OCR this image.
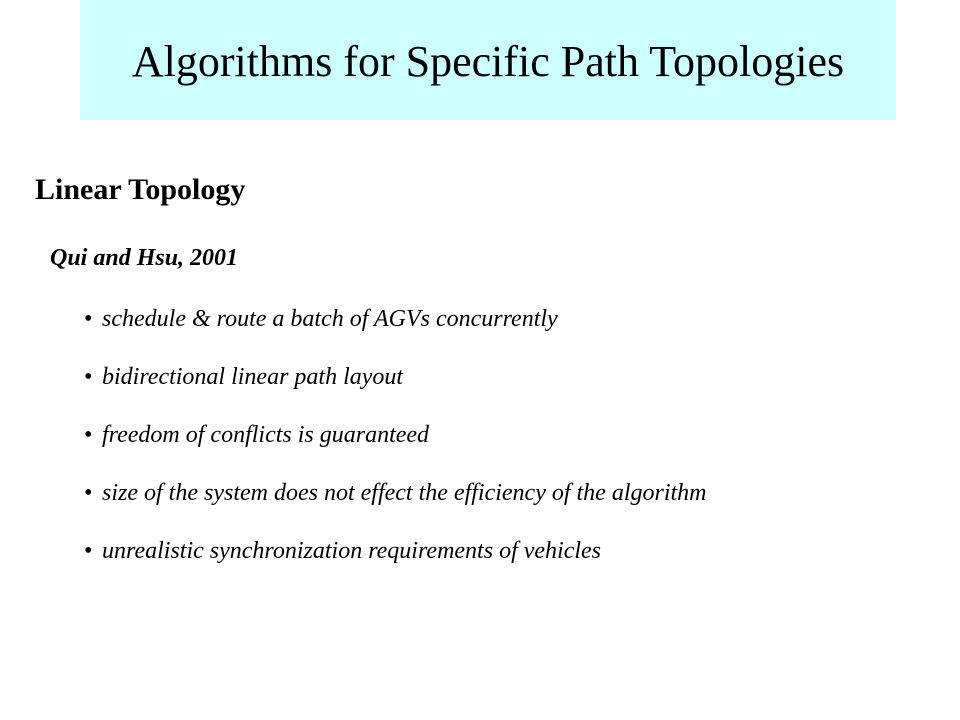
Algorithms for Specific Path Topologies
Linear Topology
Qui and Hsu, 2001
• schedule & route a batch of AGVs concurrently
• bidirectional linear path layout
• freedom of conflicts is guaranteed
• size of the system does not effect the efficiency of the algorithm
• unrealistic synchronization requirements of vehicles
